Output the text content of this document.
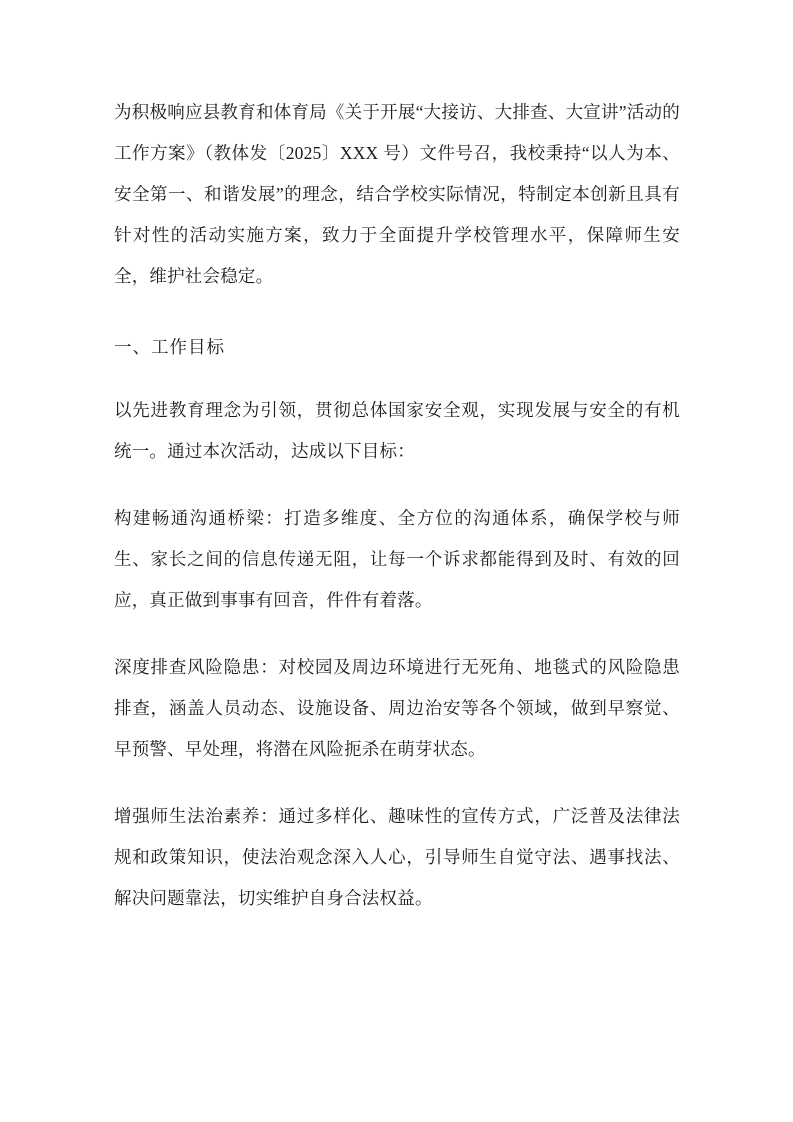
为积极响应县教育和体育局《关于开展“大接访、大排查、大宣讲”活动的工作方案》（教体发〔2025〕XXX 号）文件号召，我校秉持“以人为本、安全第一、和谐发展”的理念，结合学校实际情况，特制定本创新且具有针对性的活动实施方案，致力于全面提升学校管理水平，保障师生安全，维护社会稳定。

一、工作目标

以先进教育理念为引领，贯彻总体国家安全观，实现发展与安全的有机统一。通过本次活动，达成以下目标：

构建畅通沟通桥梁：打造多维度、全方位的沟通体系，确保学校与师生、家长之间的信息传递无阻，让每一个诉求都能得到及时、有效的回应，真正做到事事有回音，件件有着落。

深度排查风险隐患：对校园及周边环境进行无死角、地毯式的风险隐患排查，涵盖人员动态、设施设备、周边治安等各个领域，做到早察觉、早预警、早处理，将潜在风险扼杀在萌芽状态。

增强师生法治素养：通过多样化、趣味性的宣传方式，广泛普及法律法规和政策知识，使法治观念深入人心，引导师生自觉守法、遇事找法、解决问题靠法，切实维护自身合法权益。
